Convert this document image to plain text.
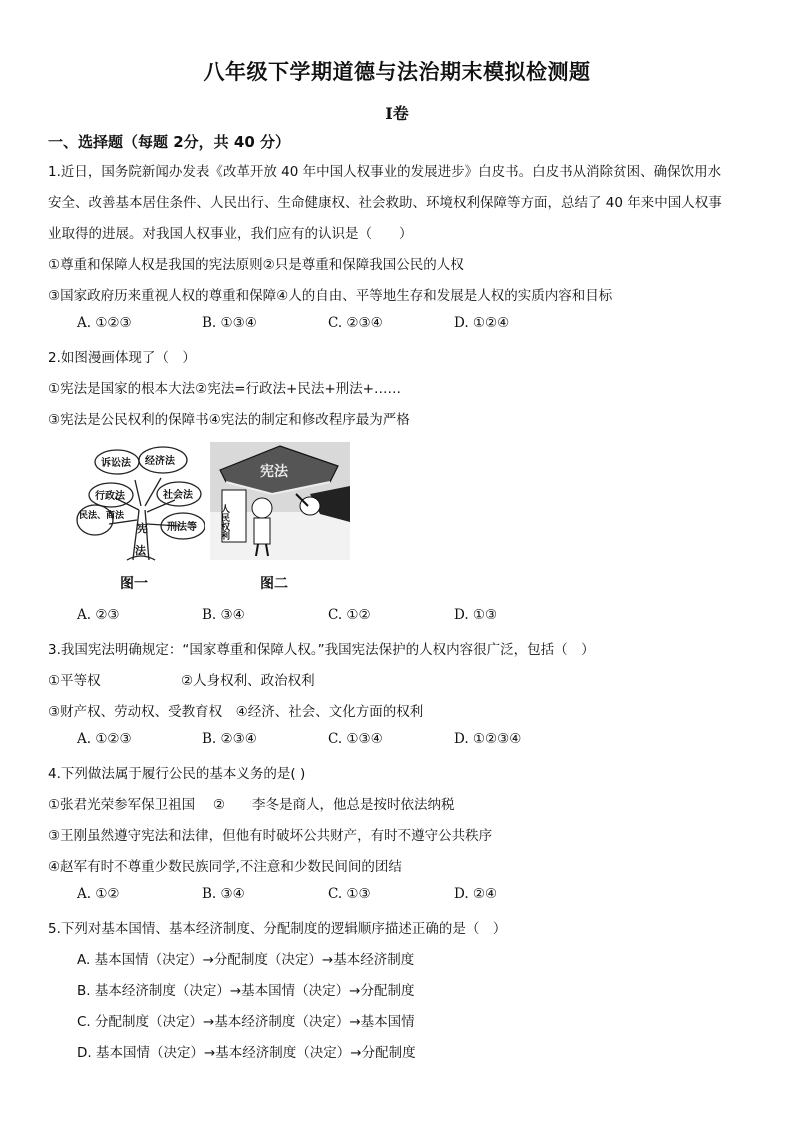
八年级下学期道德与法治期末模拟检测题
Ⅰ卷
一、选择题（每题 2分，共 40 分）
1.近日，国务院新闻办发表《改革开放 40 年中国人权事业的发展进步》白皮书。白皮书从消除贫困、确保饮用水
安全、改善基本居住条件、人民出行、生命健康权、社会救助、环境权利保障等方面，总结了 40 年来中国人权事
业取得的进展。对我国人权事业，我们应有的认识是（　　）
①尊重和保障人权是我国的宪法原则②只是尊重和保障我国公民的人权
③国家政府历来重视人权的尊重和保障④人的自由、平等地生存和发展是人权的实质内容和目标
A. ①②③	B. ①③④	C. ②③④	D. ①②④
2.如图漫画体现了（　）
①宪法是国家的根本大法②宪法=行政法+民法+刑法+……
③宪法是公民权利的保障书④宪法的制定和修改程序最为严格
诉讼法 经济法
行政法	社会法
民法、商法
刑法等
宪
法
宪法
人民权利
图一	图二
A. ②③	B. ③④	C. ①②	D. ①③
3.我国宪法明确规定：“国家尊重和保障人权。”我国宪法保护的人权内容很广泛，包括（　）
①平等权	②人身权利、政治权利
③财产权、劳动权、受教育权　④经济、社会、文化方面的权利
A. ①②③	B. ②③④	C. ①③④	D. ①②③④
4.下列做法属于履行公民的基本义务的是( )
①张君光荣参军保卫祖国　 ②　　李冬是商人，他总是按时依法纳税
③王刚虽然遵守宪法和法律，但他有时破坏公共财产，有时不遵守公共秩序
④赵军有时不尊重少数民族同学,不注意和少数民间间的团结
A. ①②	B. ③④	C. ①③	D. ②④
5.下列对基本国情、基本经济制度、分配制度的逻辑顺序描述正确的是（　）
A. 基本国情（决定）→分配制度（决定）→基本经济制度
B. 基本经济制度（决定）→基本国情（决定）→分配制度
C. 分配制度（决定）→基本经济制度（决定）→基本国情
D. 基本国情（决定）→基本经济制度（决定）→分配制度
